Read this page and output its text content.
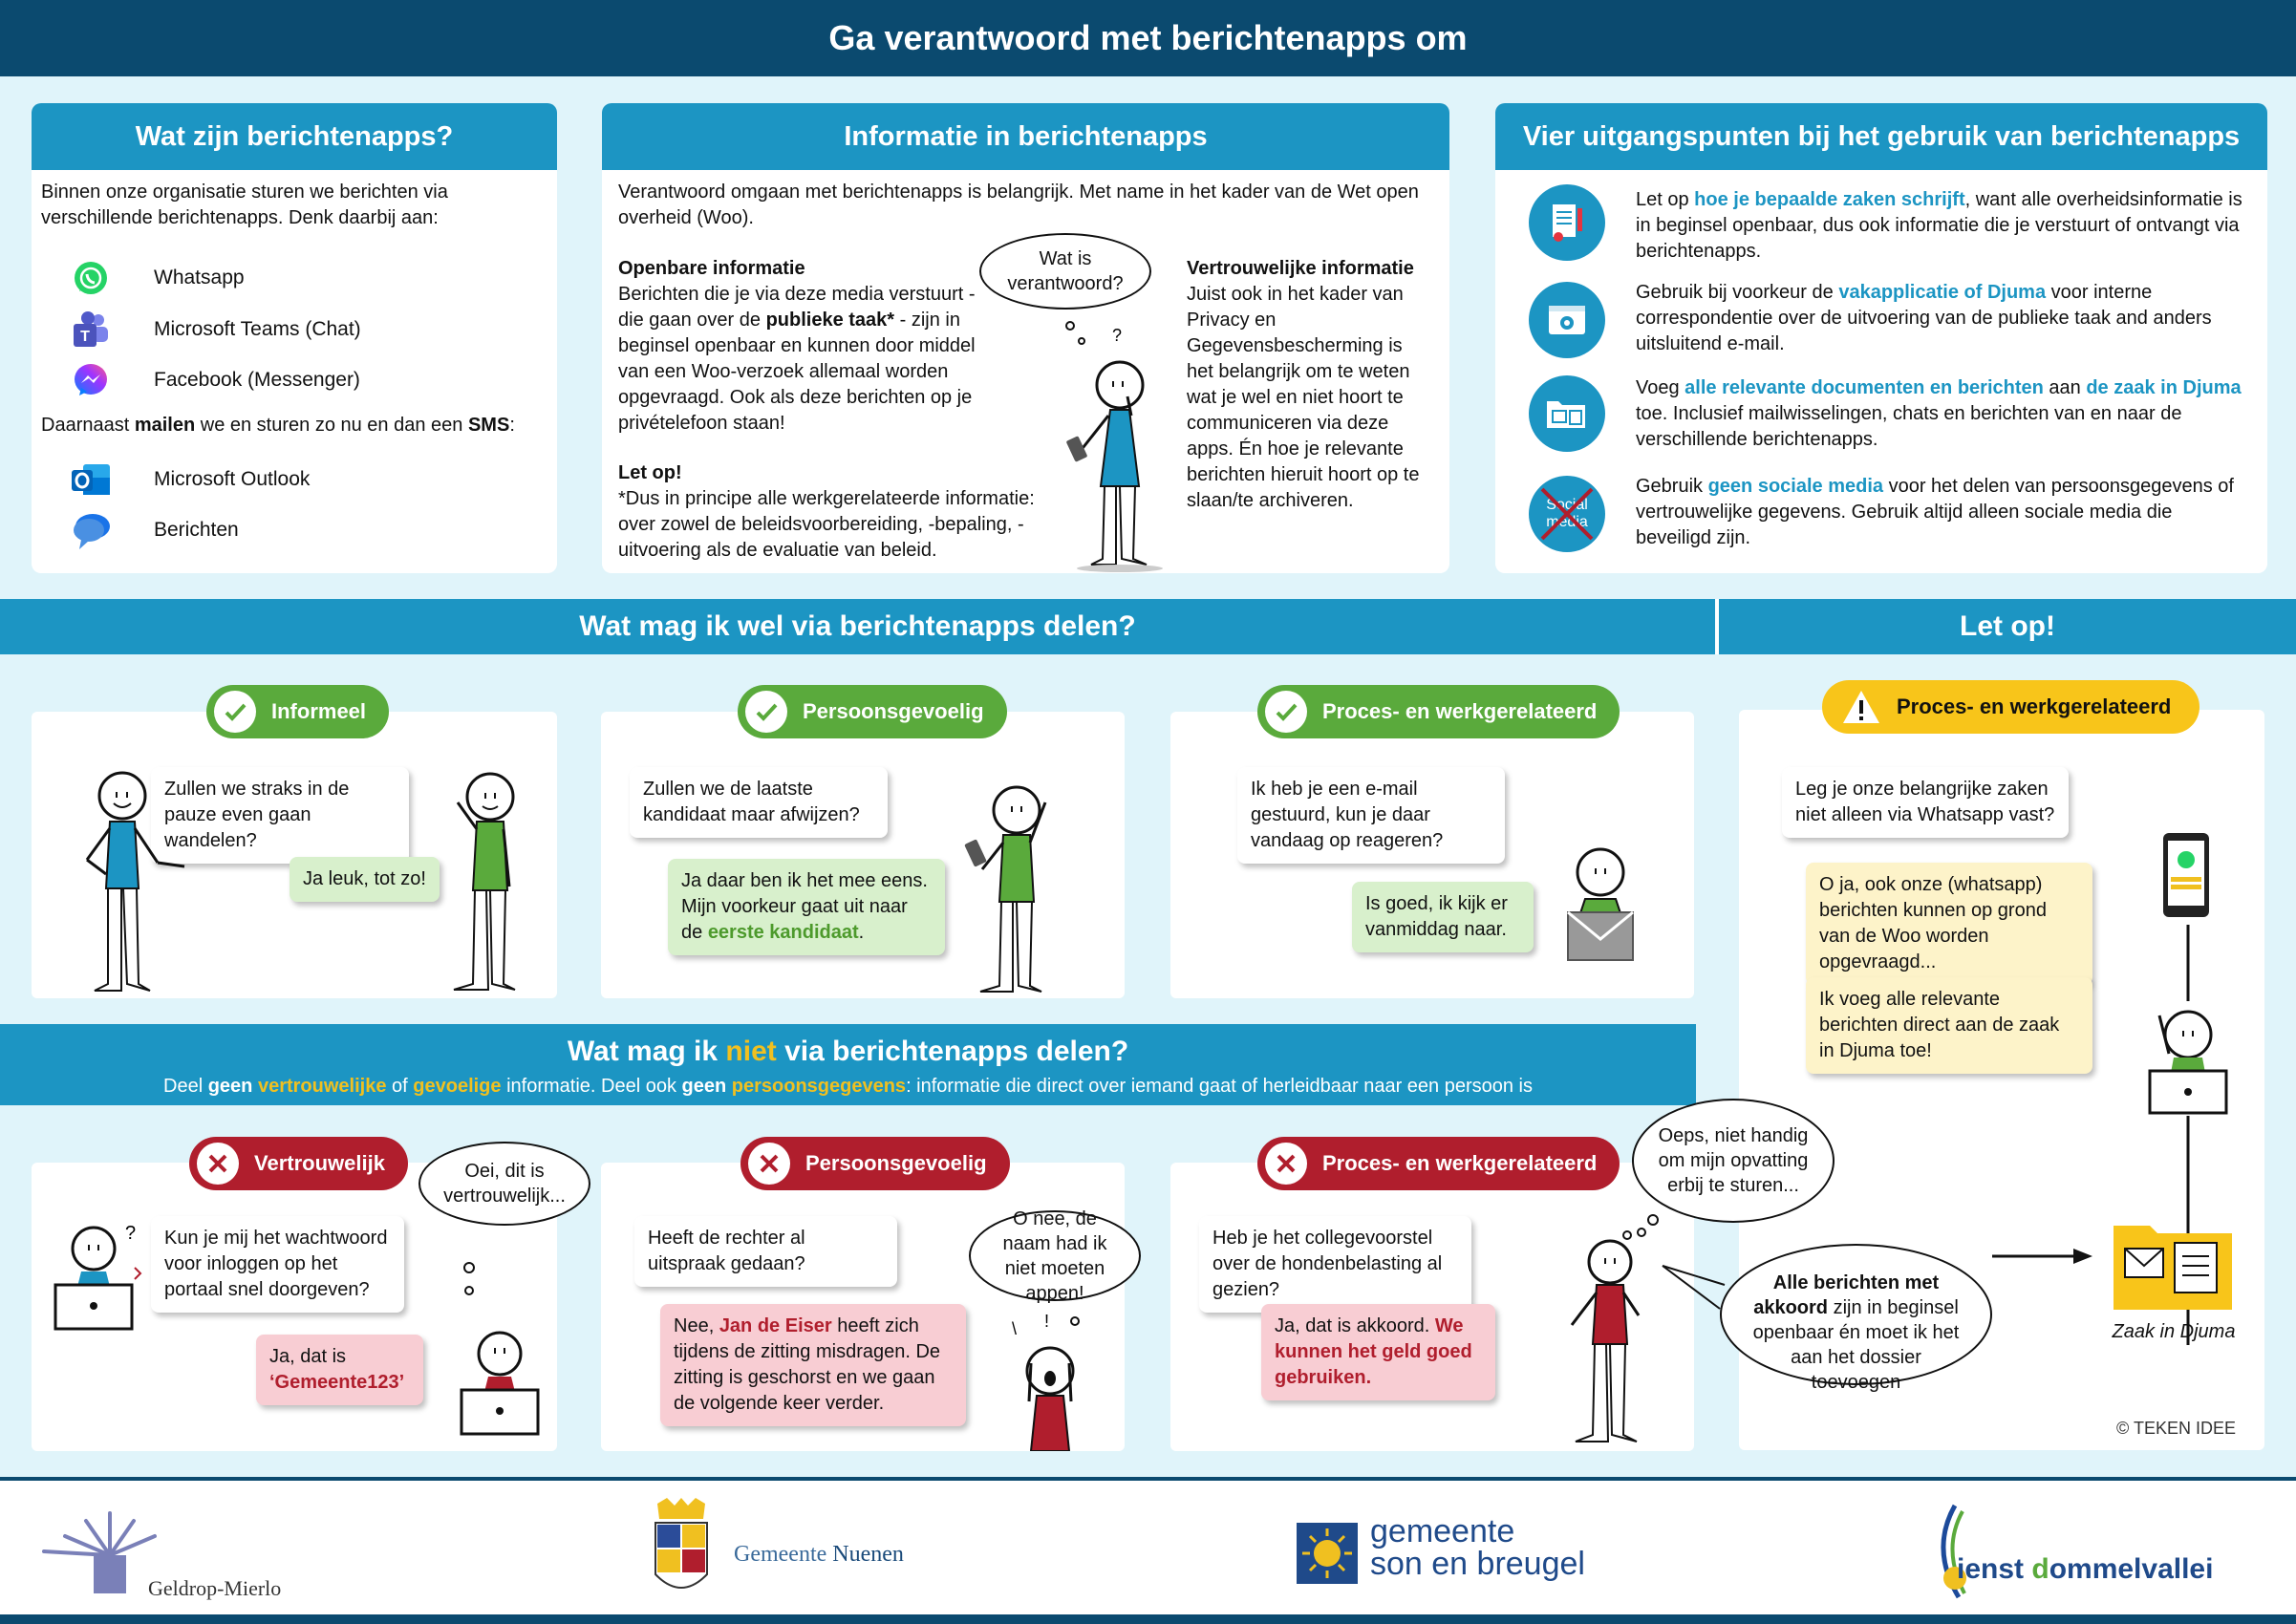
Ga verantwoord met berichtenapps om
Wat zijn berichtenapps?
Binnen onze organisatie sturen we berichten via verschillende berichtenapps. Denk daarbij aan:
Whatsapp
T	Microsoft Teams (Chat)
Facebook (Messenger)
Daarnaast mailen we en sturen zo nu en dan een SMS:
Microsoft Outlook
Berichten
Informatie in berichtenapps
Verantwoord omgaan met berichtenapps is belangrijk. Met name in het kader van de Wet open overheid (Woo).
Openbare informatie
Berichten die je via deze media verstuurt - die gaan over de publieke taak* - zijn in beginsel openbaar en kunnen door middel van een Woo-verzoek allemaal worden opgevraagd. Ook als deze berichten op je privételefoon staan!
Let op!
*Dus in principe alle werkgerelateerde informatie: over zowel de beleidsvoorbereiding, -bepaling, -uitvoering als de evaluatie van beleid.
Wat is verantwoord?
?
Vertrouwelijke informatie
Juist ook in het kader van Privacy en Gegevensbescherming is het belangrijk om te weten wat je wel en niet hoort te communiceren via deze apps. Én hoe je relevante berichten hieruit hoort op te slaan/te archiveren.
Vier uitgangspunten bij het gebruik van berichtenapps
Let op hoe je bepaalde zaken schrijft, want alle overheidsinformatie is in beginsel openbaar, dus ook informatie die je verstuurt of ontvangt via berichtenapps.
Gebruik bij voorkeur de vakapplicatie of Djuma voor interne correspondentie over de uitvoering van de publieke taak and anders uitsluitend e-mail.
Voeg alle relevante documenten en berichten aan de zaak in Djuma toe. Inclusief mailwisselingen, chats en berichten van en naar de verschillende berichtenapps.
Social media
Gebruik geen sociale media voor het delen van persoonsgegevens of vertrouwelijke gegevens. Gebruik altijd alleen sociale media die beveiligd zijn.
Wat mag ik wel via berichtenapps delen?	Let op!
Zullen we straks in de pauze even gaan wandelen?
Ja leuk, tot zo!
Informeel
Zullen we de laatste kandidaat maar afwijzen?
Ja daar ben ik het mee eens. Mijn voorkeur gaat uit naar de eerste kandidaat.
Persoonsgevoelig
Ik heb je een e-mail gestuurd, kun je daar vandaag op reageren?
Is goed, ik kijk er vanmiddag naar.
Proces- en werkgerelateerd
Leg je onze belangrijke zaken niet alleen via Whatsapp vast?
O ja, ook onze (whatsapp) berichten kunnen op grond van de Woo worden opgevraagd...
Ik voeg alle relevante berichten direct aan de zaak in Djuma toe!
Zaak in Djuma
© TEKEN IDEE
Proces- en werkgerelateerd
Wat mag ik niet via berichtenapps delen?
Deel geen vertrouwelijke of gevoelige informatie. Deel ook geen persoonsgegevens: informatie die direct over iemand gaat of herleidbaar naar een persoon is
Kun je mij het wachtwoord voor inloggen op het portaal snel doorgeven?
Ja, dat is
‘Gemeente123’
Oei, dit is vertrouwelijk...
?
Vertrouwelijk
Heeft de rechter al uitspraak gedaan?
Nee, Jan de Eiser heeft zich tijdens de zitting misdragen. De zitting is geschorst en we gaan de volgende keer verder.
O nee, de naam had ik niet moeten appen!
\ !
Persoonsgevoelig
Heb je het collegevoorstel over de hondenbelasting al gezien?
Ja, dat is akkoord. We kunnen het geld goed gebruiken.
Proces- en werkgerelateerd
Oeps, niet handig om mijn opvatting erbij te sturen...
Alle berichten met akkoord zijn in beginsel openbaar én moet ik het aan het dossier toevoegen
Geldrop-Mierlo
Gemeente Nuenen
gemeente
son en breugel	ienst dommelvallei
